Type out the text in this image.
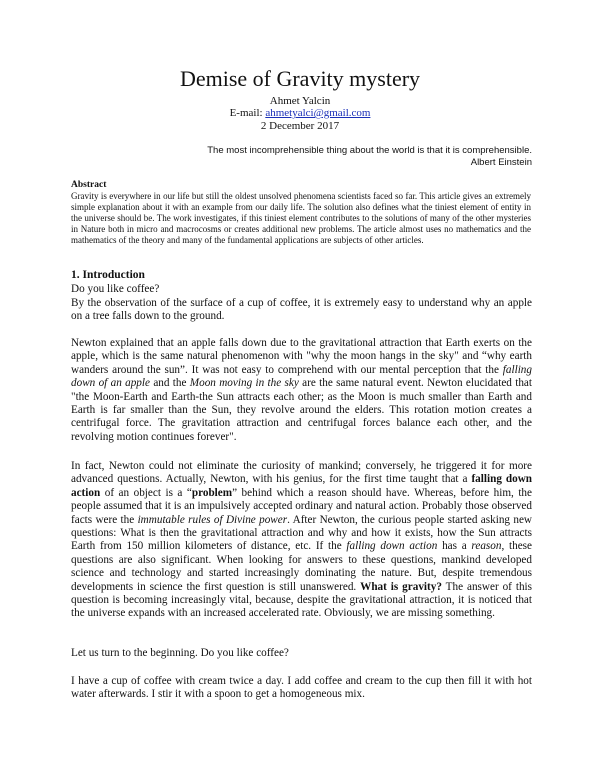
Demise of Gravity mystery
Ahmet Yalcin
E-mail: ahmetyalci@gmail.com
2 December 2017
The most incomprehensible thing about the world is that it is comprehensible.
Albert Einstein
Abstract
Gravity is everywhere in our life but still the oldest unsolved phenomena scientists faced so far. This article gives an extremely simple explanation about it with an example from our daily life. The solution also defines what the tiniest element of entity in the universe should be. The work investigates, if this tiniest element contributes to the solutions of many of the other mysteries in Nature both in micro and macrocosms or creates additional new problems. The article almost uses no mathematics and the mathematics of the theory and many of the fundamental applications are subjects of other articles.
1. Introduction
Do you like coffee?
By the observation of the surface of a cup of coffee, it is extremely easy to understand why an apple on a tree falls down to the ground.

Newton explained that an apple falls down due to the gravitational attraction that Earth exerts on the apple, which is the same natural phenomenon with "why the moon hangs in the sky" and “why earth wanders around the sun”. It was not easy to comprehend with our mental perception that the falling down of an apple and the Moon moving in the sky are the same natural event. Newton elucidated that "the Moon-Earth and Earth-the Sun attracts each other; as the Moon is much smaller than Earth and Earth is far smaller than the Sun, they revolve around the elders. This rotation motion creates a centrifugal force. The gravitation attraction and centrifugal forces balance each other, and the revolving motion continues forever".

In fact, Newton could not eliminate the curiosity of mankind; conversely, he triggered it for more advanced questions. Actually, Newton, with his genius, for the first time taught that a falling down action of an object is a “problem” behind which a reason should have. Whereas, before him, the people assumed that it is an impulsively accepted ordinary and natural action. Probably those observed facts were the immutable rules of Divine power. After Newton, the curious people started asking new questions: What is then the gravitational attraction and why and how it exists, how the Sun attracts Earth from 150 million kilometers of distance, etc. If the falling down action has a reason, these questions are also significant. When looking for answers to these questions, mankind developed science and technology and started increasingly dominating the nature. But, despite tremendous developments in science the first question is still unanswered. What is gravity? The answer of this question is becoming increasingly vital, because, despite the gravitational attraction, it is noticed that the universe expands with an increased accelerated rate. Obviously, we are missing something.

Let us turn to the beginning. Do you like coffee?
I have a cup of coffee with cream twice a day. I add coffee and cream to the cup then fill it with hot water afterwards. I stir it with a spoon to get a homogeneous mix.
